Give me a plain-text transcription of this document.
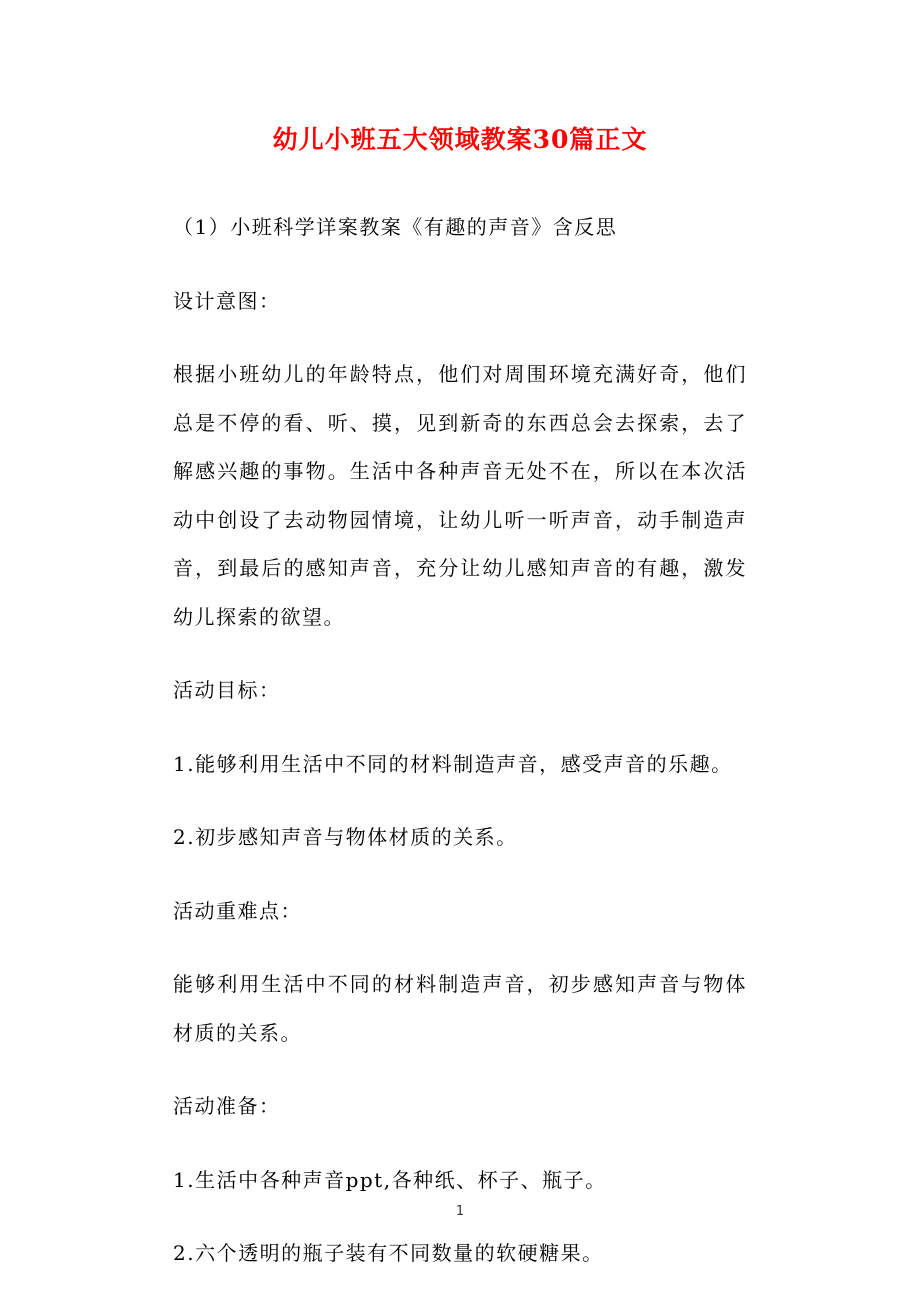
幼儿小班五大领域教案30篇正文

（1）小班科学详案教案《有趣的声音》含反思

设计意图：

根据小班幼儿的年龄特点，他们对周围环境充满好奇，他们总是不停的看、听、摸，见到新奇的东西总会去探索，去了解感兴趣的事物。生活中各种声音无处不在，所以在本次活动中创设了去动物园情境，让幼儿听一听声音，动手制造声音，到最后的感知声音，充分让幼儿感知声音的有趣，激发幼儿探索的欲望。

活动目标：

1.能够利用生活中不同的材料制造声音，感受声音的乐趣。

2.初步感知声音与物体材质的关系。

活动重难点：

能够利用生活中不同的材料制造声音，初步感知声音与物体材质的关系。

活动准备：

1.生活中各种声音ppt,各种纸、杯子、瓶子。

2.六个透明的瓶子装有不同数量的软硬糖果。

1
